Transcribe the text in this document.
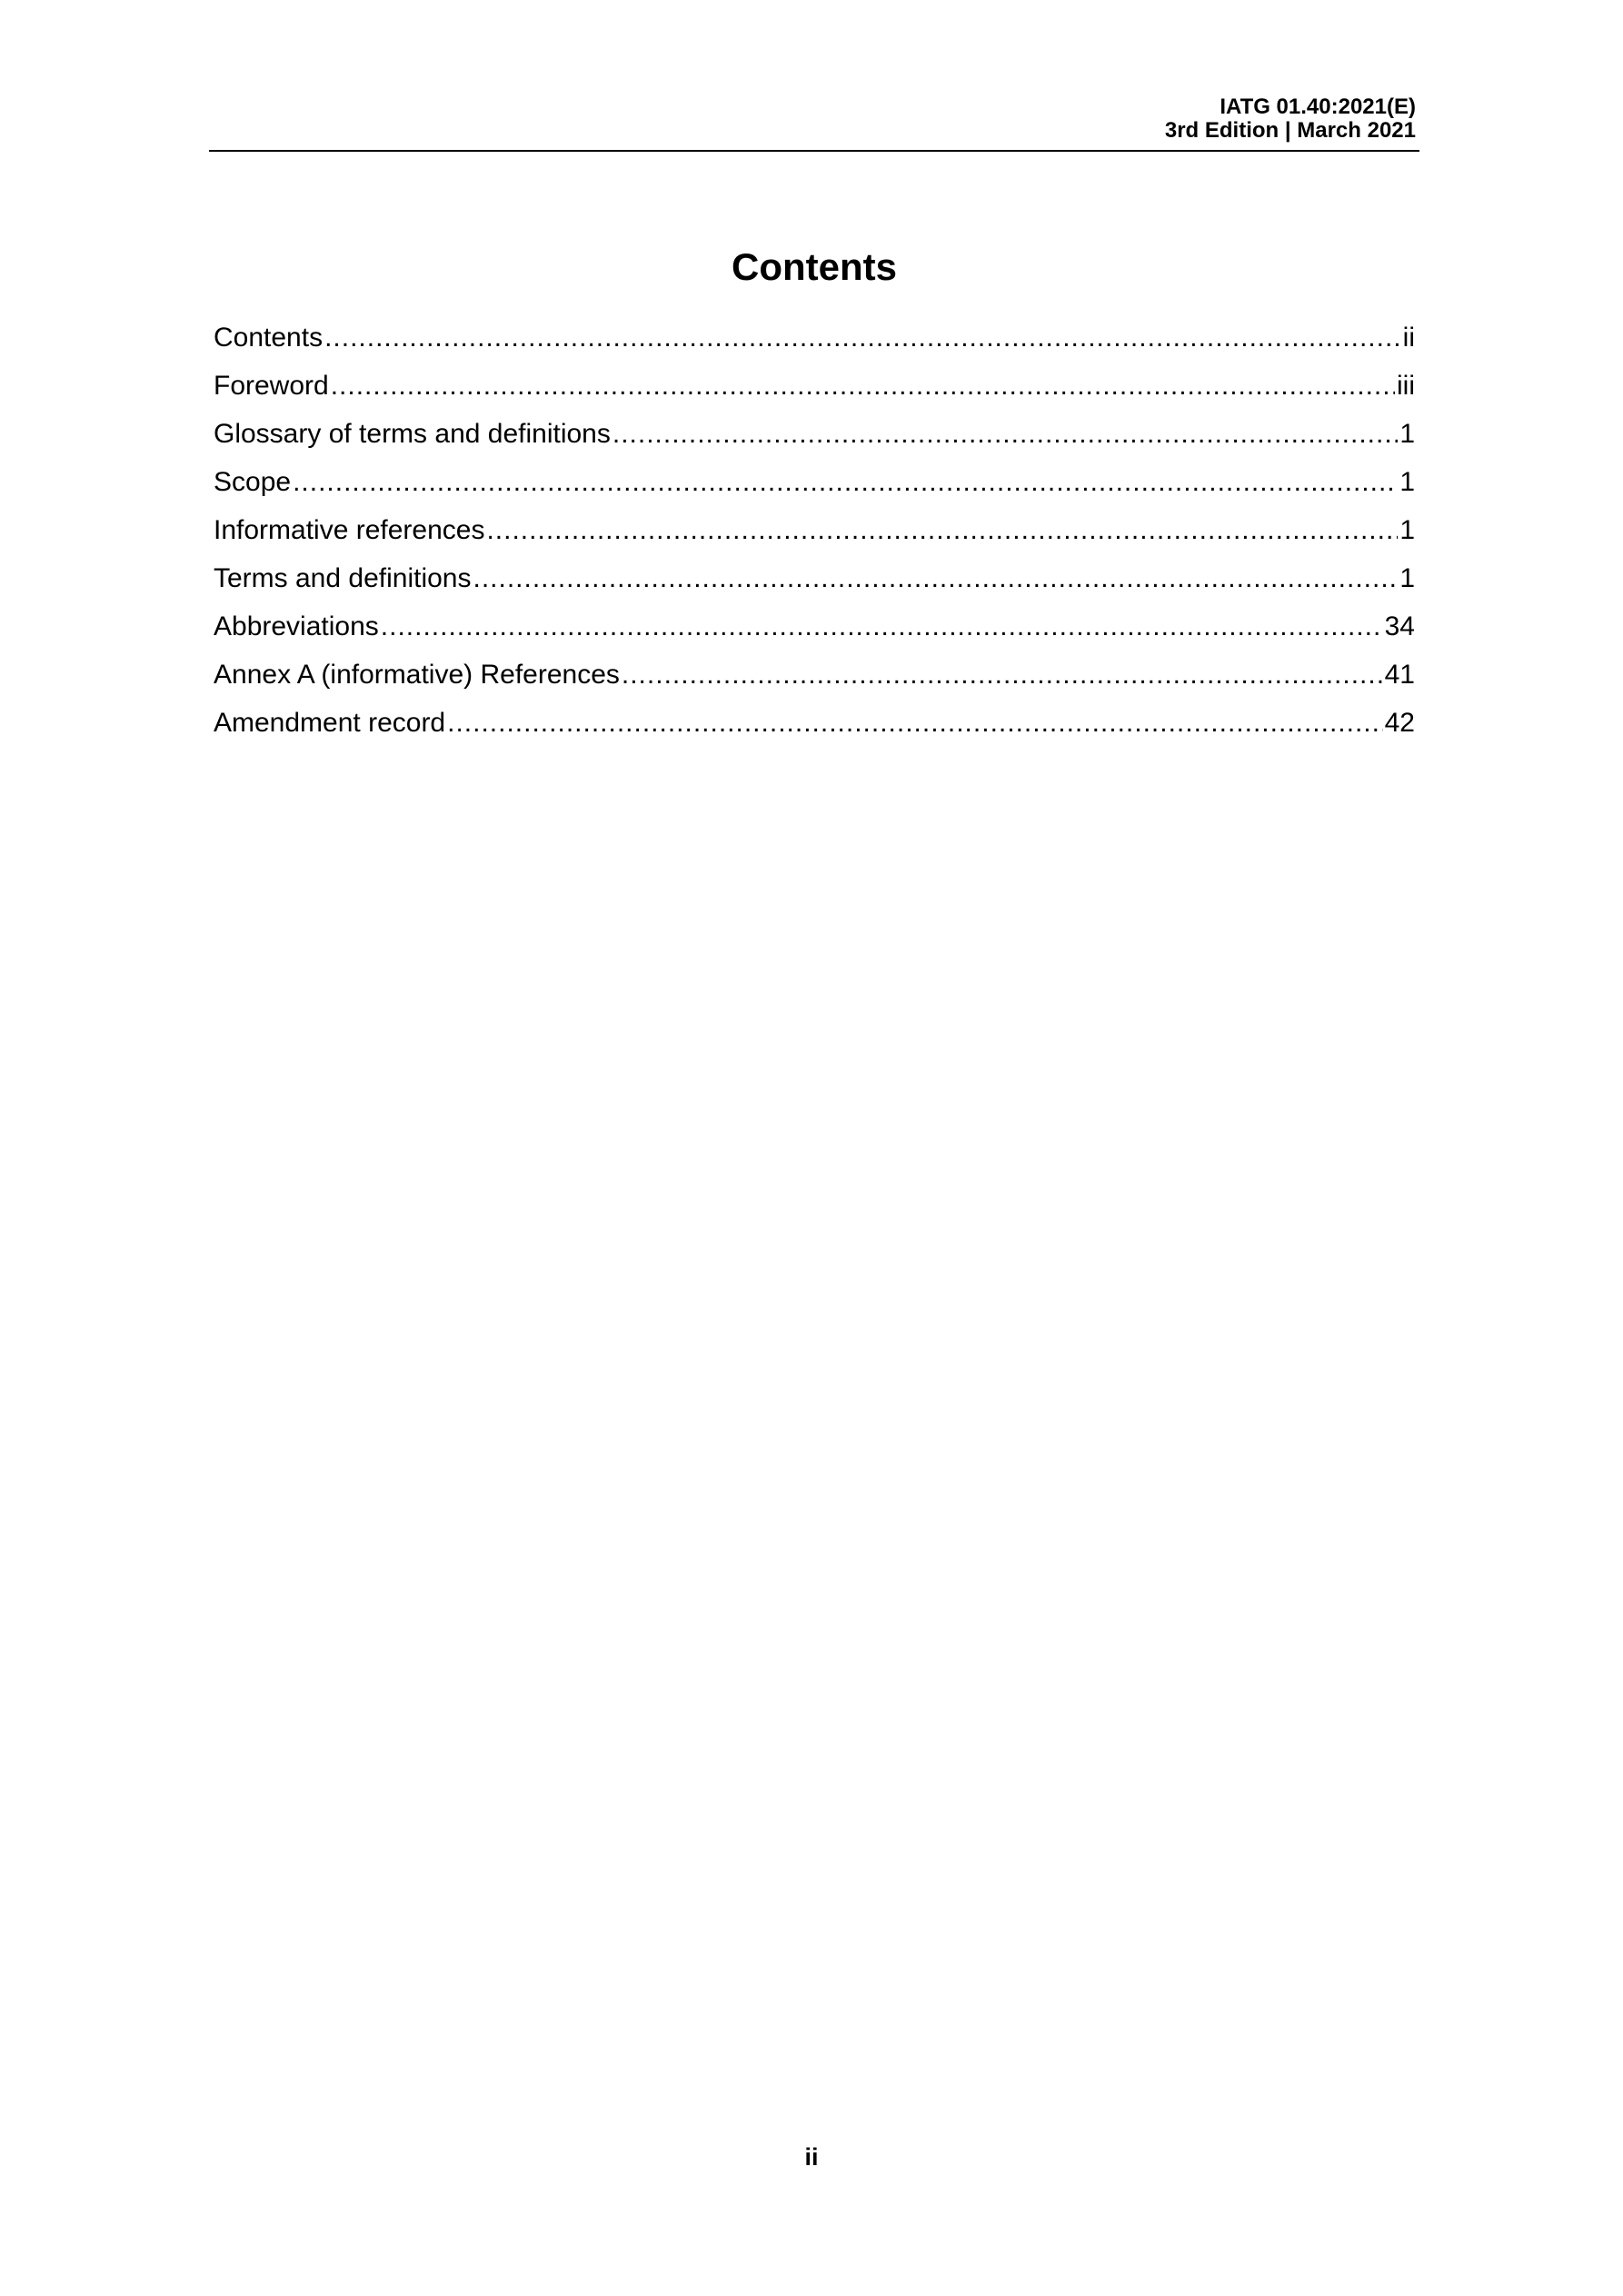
IATG 01.40:2021(E)
3rd Edition | March 2021
Contents
Contents .....	ii
Foreword .....	iii
Glossary of terms and definitions .....	1
Scope .....	1
Informative references .....	1
Terms and definitions .....	1
Abbreviations .....	34
Annex A (informative) References .....	41
Amendment record .....	42
ii
